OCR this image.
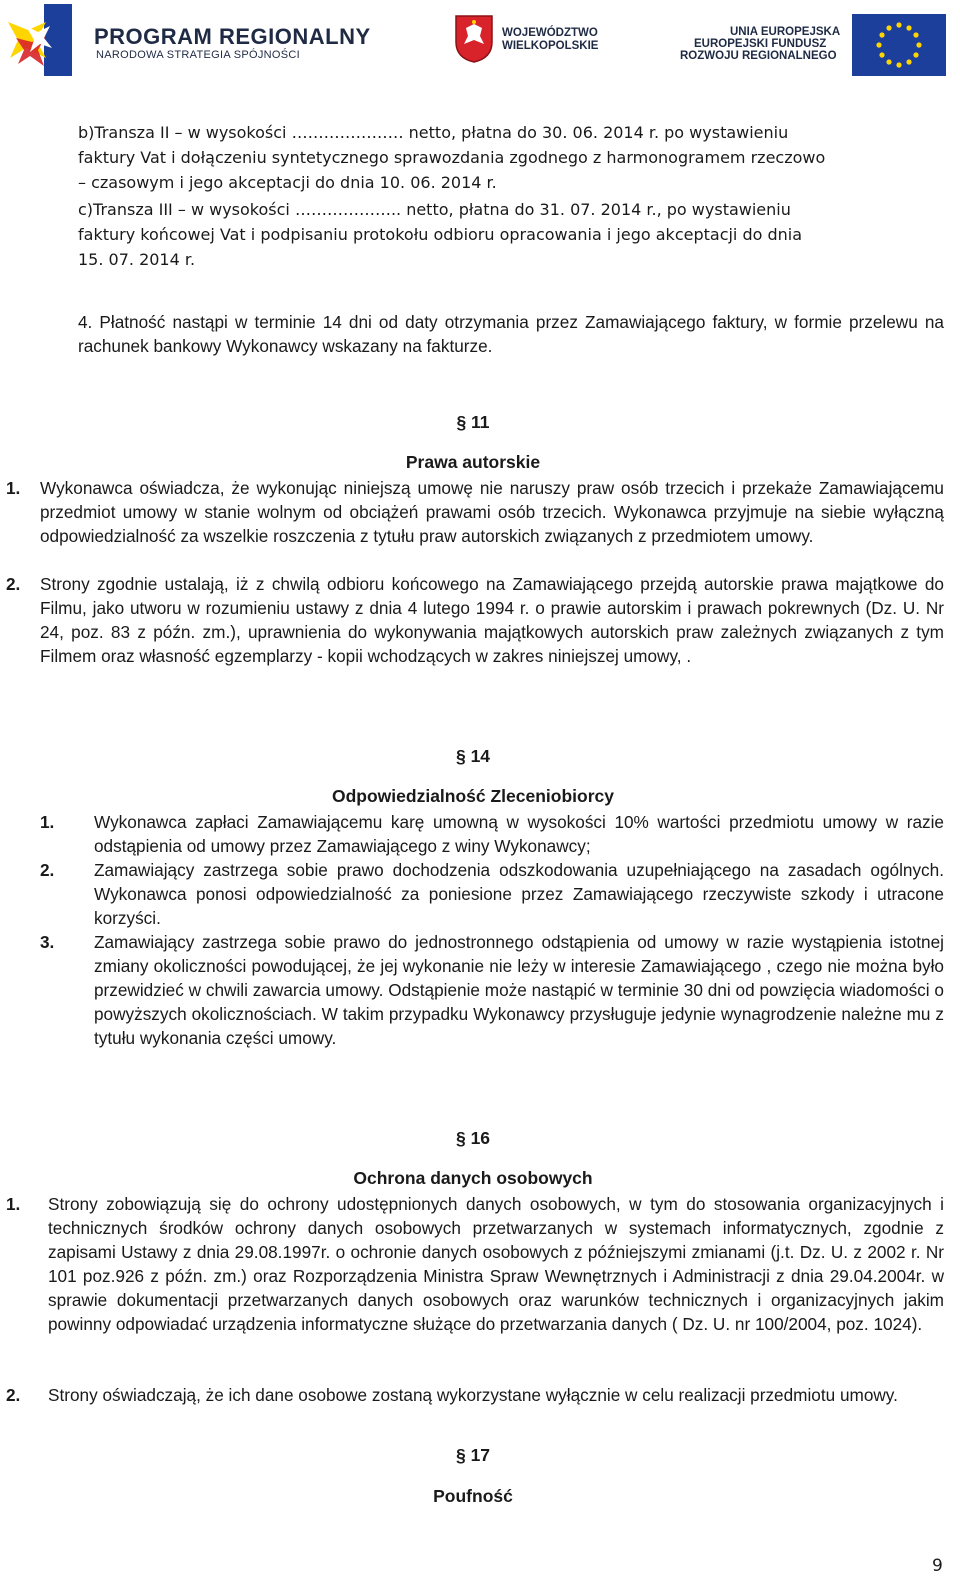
PROGRAM REGIONALNY
NARODOWA STRATEGIA SPÓJNOŚCI
WOJEWÓDZTWO
WIELKOPOLSKIE
UNIA EUROPEJSKA
EUROPEJSKI FUNDUSZ
ROZWOJU REGIONALNEGO

b)Transza II – w wysokości ………………… netto, płatna do 30. 06. 2014 r. po wystawieniu

faktury Vat i dołączeniu syntetycznego sprawozdania zgodnego z harmonogramem rzeczowo

– czasowym i jego akceptacji do dnia 10. 06. 2014 r.

c)Transza III – w wysokości ……………….. netto, płatna do 31. 07. 2014 r., po wystawieniu

faktury końcowej Vat i podpisaniu protokołu odbioru opracowania i jego akceptacji do dnia

15. 07. 2014 r.

4. Płatność nastąpi w terminie 14 dni od daty otrzymania przez Zamawiającego faktury, w formie przelewu na rachunek bankowy Wykonawcy wskazany na fakturze.

§ 11
Prawa autorskie
1. Wykonawca oświadcza, że wykonując niniejszą umowę nie naruszy praw osób trzecich i przekaże Zamawiającemu przedmiot umowy w stanie wolnym od obciążeń prawami osób trzecich. Wykonawca przyjmuje na siebie wyłączną odpowiedzialność za wszelkie roszczenia z tytułu praw autorskich związanych z przedmiotem umowy.

2. Strony zgodnie ustalają, iż z chwilą odbioru końcowego na Zamawiającego przejdą autorskie prawa majątkowe do Filmu, jako utworu w rozumieniu ustawy z dnia 4 lutego 1994 r. o prawie autorskim i prawach pokrewnych (Dz. U. Nr 24, poz. 83 z późn. zm.), uprawnienia do wykonywania majątkowych autorskich praw zależnych związanych z tym Filmem oraz własność egzemplarzy - kopii wchodzących w zakres niniejszej umowy, .

§ 14
Odpowiedzialność Zleceniobiorcy
1. Wykonawca zapłaci Zamawiającemu karę umowną w wysokości 10% wartości przedmiotu umowy w razie odstąpienia od umowy przez Zamawiającego z winy Wykonawcy;

2. Zamawiający zastrzega sobie prawo dochodzenia odszkodowania uzupełniającego na zasadach ogólnych. Wykonawca ponosi odpowiedzialność za poniesione przez Zamawiającego rzeczywiste szkody i utracone korzyści.

3. Zamawiający zastrzega sobie prawo do jednostronnego odstąpienia od umowy w razie wystąpienia istotnej zmiany okoliczności powodującej, że jej wykonanie nie leży w interesie Zamawiającego , czego nie można było przewidzieć w chwili zawarcia umowy. Odstąpienie może nastąpić w terminie 30 dni od powzięcia wiadomości o powyższych okolicznościach. W takim przypadku Wykonawcy przysługuje jedynie wynagrodzenie należne mu z tytułu wykonania części umowy.

§ 16
Ochrona danych osobowych
1. Strony zobowiązują się do ochrony udostępnionych danych osobowych, w tym do stosowania organizacyjnych i technicznych środków ochrony danych osobowych przetwarzanych w systemach informatycznych, zgodnie z zapisami Ustawy z dnia 29.08.1997r. o ochronie danych osobowych z późniejszymi zmianami (j.t. Dz. U. z 2002 r. Nr 101 poz.926 z późn. zm.) oraz Rozporządzenia Ministra Spraw Wewnętrznych i Administracji z dnia 29.04.2004r. w sprawie dokumentacji przetwarzanych danych osobowych oraz warunków technicznych i organizacyjnych jakim powinny odpowiadać urządzenia informatyczne służące do przetwarzania danych ( Dz. U. nr 100/2004, poz. 1024).

2. Strony oświadczają, że ich dane osobowe zostaną wykorzystane wyłącznie w celu realizacji przedmiotu umowy.

§ 17
Poufność
9
